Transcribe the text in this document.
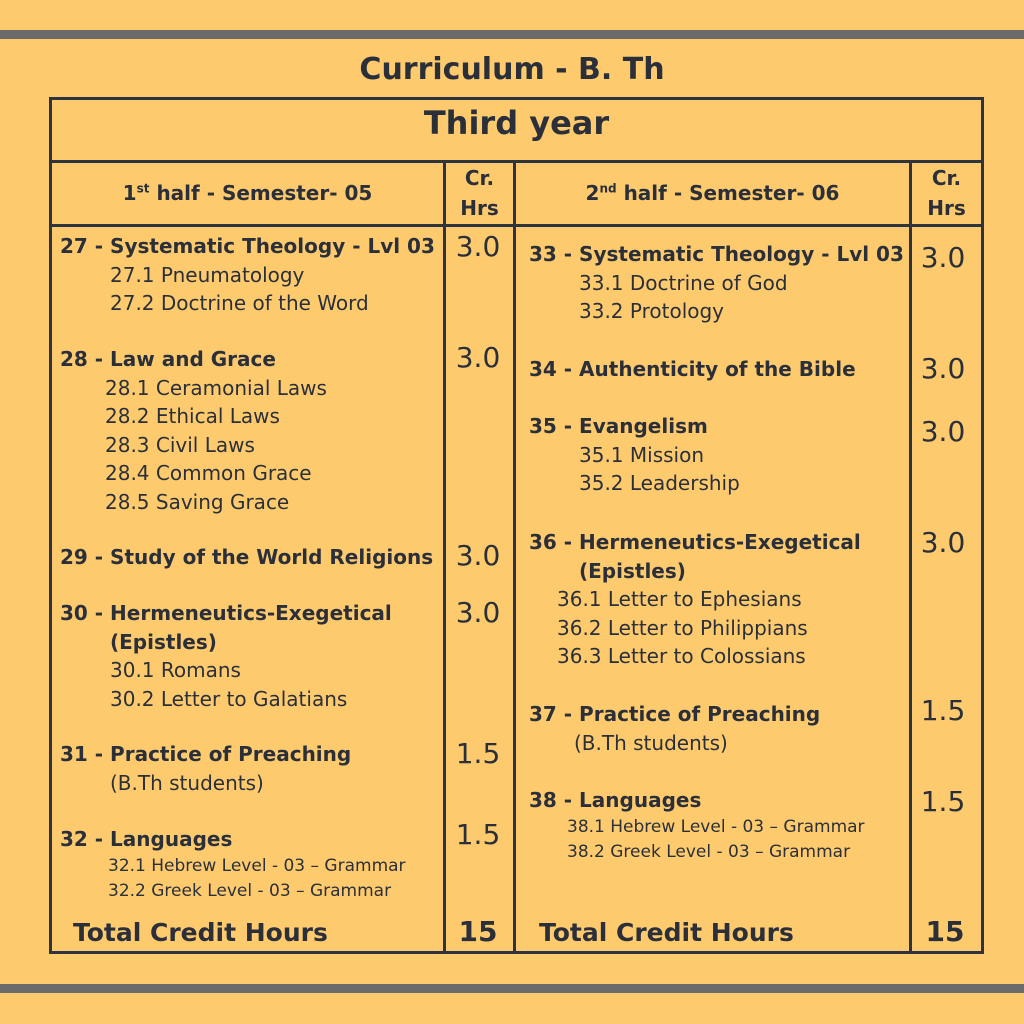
Curriculum - B. Th
Third year
1st half - Semester- 05
Cr.
Hrs
2nd half - Semester- 06
Cr.
Hrs
27 - Systematic Theology - Lvl 03
27.1 Pneumatology
27.2 Doctrine of the Word
3.0
28 - Law and Grace
28.1 Ceramonial Laws
28.2 Ethical Laws
28.3 Civil Laws
28.4 Common Grace
28.5 Saving Grace
3.0
29 - Study of the World Religions 3.0
30 - Hermeneutics-Exegetical
(Epistles)
30.1 Romans
30.2 Letter to Galatians
3.0
31 - Practice of Preaching
(B.Th students)
1.5
32 - Languages
32.1 Hebrew Level - 03 – Grammar
32.2 Greek Level - 03 – Grammar
1.5
Total Credit Hours	15
33 - Systematic Theology - Lvl 03
33.1 Doctrine of God
33.2 Protology
3.0
34 - Authenticity of the Bible 3.0
35 - Evangelism
35.1 Mission
35.2 Leadership
3.0
36 - Hermeneutics-Exegetical
(Epistles)
36.1 Letter to Ephesians
36.2 Letter to Philippians
36.3 Letter to Colossians
3.0
37 - Practice of Preaching
(B.Th students)
1.5
38 - Languages
38.1 Hebrew Level - 03 – Grammar
38.2 Greek Level - 03 – Grammar
1.5
Total Credit Hours	15
